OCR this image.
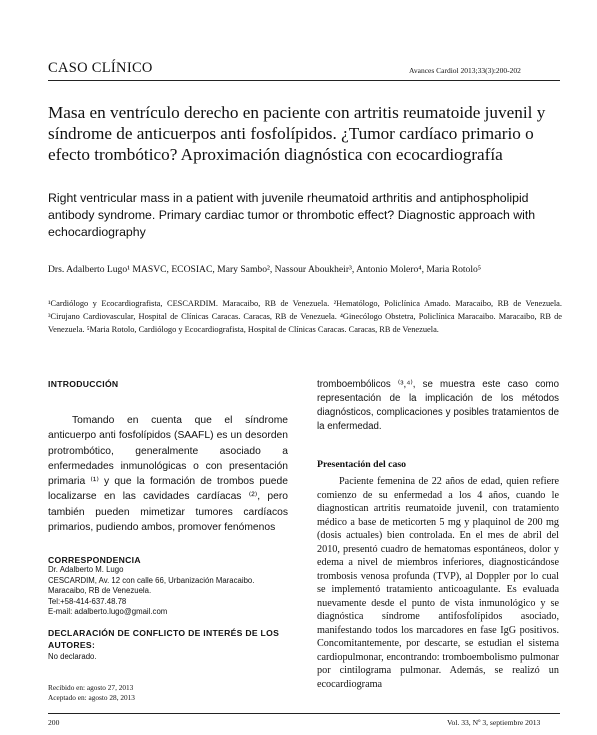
CASO CLÍNICO	Avances Cardiol 2013;33(3):200-202
Masa en ventrículo derecho en paciente con artritis reumatoide juvenil y síndrome de anticuerpos anti fosfolípidos. ¿Tumor cardíaco primario o efecto trombótico? Aproximación diagnóstica con ecocardiografía
Right ventricular mass in a patient with juvenile rheumatoid arthritis and antiphospholipid antibody syndrome. Primary cardiac tumor or thrombotic effect? Diagnostic approach with echocardiography
Drs. Adalberto Lugo¹ MASVC, ECOSIAC, Mary Sambo², Nassour Aboukheir³, Antonio Molero⁴, Maria Rotolo⁵
¹Cardiólogo y Ecocardiografista, CESCARDIM. Maracaibo, RB de Venezuela. ²Hematólogo, Policlínica Amado. Maracaibo, RB de Venezuela. ³Cirujano Cardiovascular, Hospital de Clínicas Caracas. Caracas, RB de Venezuela. ⁴Ginecólogo Obstetra, Policlínica Maracaibo. Maracaibo, RB de Venezuela. ⁵Maria Rotolo, Cardiólogo y Ecocardiografista, Hospital de Clínicas Caracas. Caracas, RB de Venezuela.
INTRODUCCIÓN
Tomando en cuenta que el síndrome anticuerpo anti fosfolípidos (SAAFL) es un desorden protrombótico, generalmente asociado a enfermedades inmunológicas o con presentación primaria ⁽¹⁾ y que la formación de trombos puede localizarse en las cavidades cardíacas ⁽²⁾, pero también pueden mimetizar tumores cardíacos primarios, pudiendo ambos, promover fenómenos
CORRESPONDENCIA
Dr. Adalberto M. Lugo
CESCARDIM, Av. 12 con calle 66, Urbanización Maracaibo.
Maracaibo, RB de Venezuela.
Tel:+58-414-637.48.78
E-mail: adalberto.lugo@gmail.com
DECLARACIÓN DE CONFLICTO DE INTERÉS DE LOS AUTORES:
No declarado.
Recibido en: agosto 27, 2013
Aceptado en: agosto 28, 2013
tromboembólicos ⁽³,⁴⁾, se muestra este caso como representación de la implicación de los métodos diagnósticos, complicaciones y posibles tratamientos de la enfermedad.
Presentación del caso
Paciente femenina de 22 años de edad, quien refiere comienzo de su enfermedad a los 4 años, cuando le diagnostican artritis reumatoide juvenil, con tratamiento médico a base de meticorten 5 mg y plaquinol de 200 mg (dosis actuales) bien controlada. En el mes de abril del 2010, presentó cuadro de hematomas espontáneos, dolor y edema a nivel de miembros inferiores, diagnosticándose trombosis venosa profunda (TVP), al Doppler por lo cual se implementó tratamiento anticoagulante. Es evaluada nuevamente desde el punto de vista inmunológico y se diagnóstica síndrome antifosfolípidos asociado, manifestando todos los marcadores en fase IgG positivos. Concomitantemente, por descarte, se estudian el sistema cardiopulmonar, encontrando: tromboembolismo pulmonar por cintilograma pulmonar. Además, se realizó un ecocardiograma
200	Vol. 33, Nº 3, septiembre 2013
